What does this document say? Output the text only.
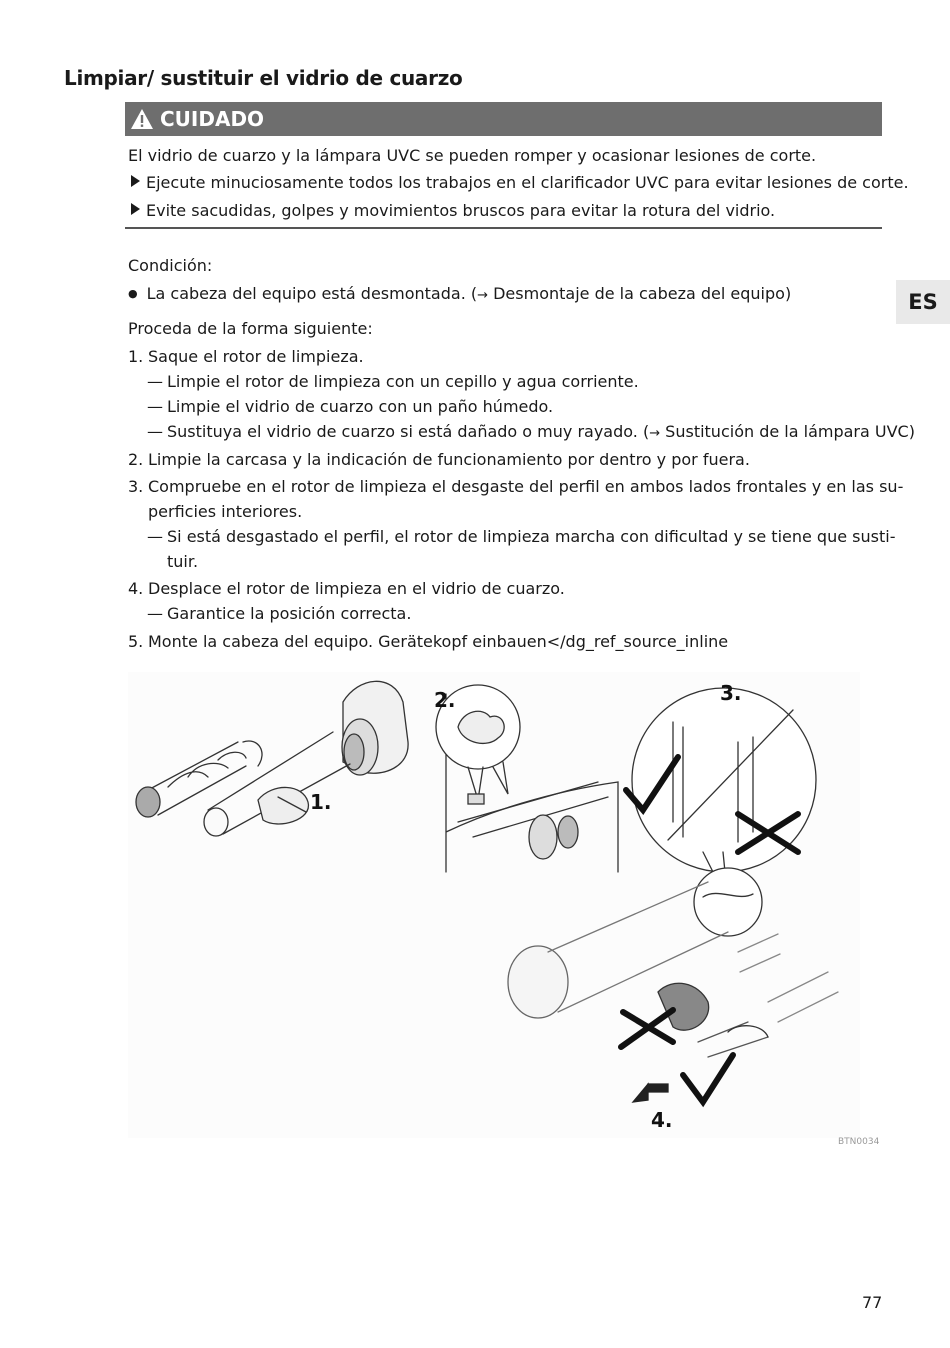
Limpiar/ sustituir el vidrio de cuarzo
CUIDADO
El vidrio de cuarzo y la lámpara UVC se pueden romper y ocasionar lesiones de corte.
Ejecute minuciosamente todos los trabajos en el clarificador UVC para evitar lesiones de corte.
Evite sacudidas, golpes y movimientos bruscos para evitar la rotura del vidrio.
ES
Condición:
● La cabeza del equipo está desmontada. (→ Desmontaje de la cabeza del equipo)
Proceda de la forma siguiente:
1. Saque el rotor de limpieza.
— Limpie el rotor de limpieza con un cepillo y agua corriente.
— Limpie el vidrio de cuarzo con un paño húmedo.
— Sustituya el vidrio de cuarzo si está dañado o muy rayado. (→ Sustitución de la lámpara UVC)
2. Limpie la carcasa y la indicación de funcionamiento por dentro y por fuera.
3. Compruebe en el rotor de limpieza el desgaste del perfil en ambos lados frontales y en las su-
perficies interiores.
— Si está desgastado el perfil, el rotor de limpieza marcha con dificultad y se tiene que susti-
tuir.
4. Desplace el rotor de limpieza en el vidrio de cuarzo.
— Garantice la posición correcta.
5. Monte la cabeza del equipo. Gerätekopf einbauen</dg_ref_source_inline
1.
2.	3.
4.
BTN0034
77
